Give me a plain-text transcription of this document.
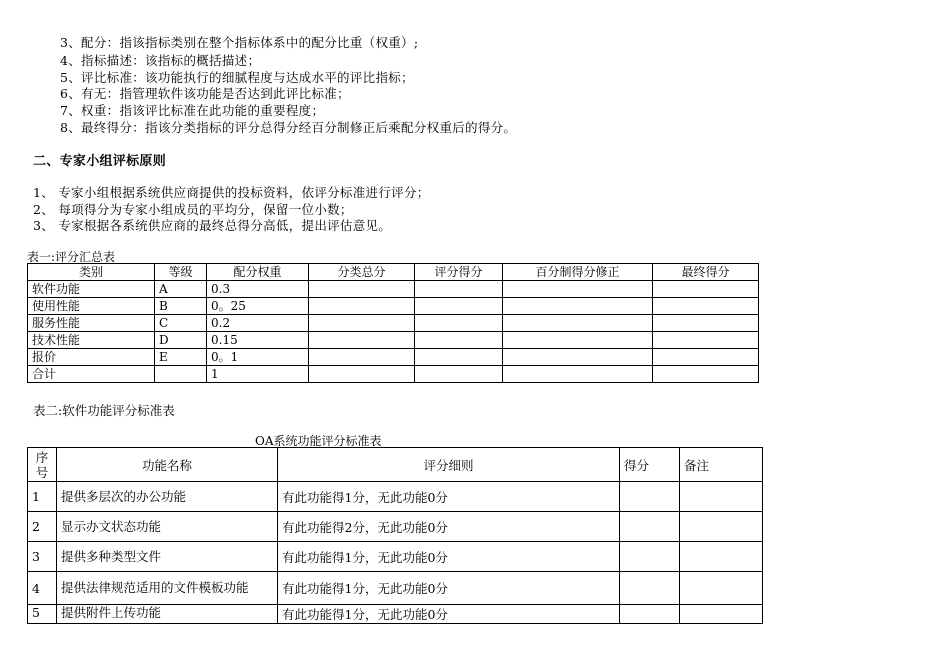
3、配分：指该指标类别在整个指标体系中的配分比重（权重）;
4、指标描述：该指标的概括描述；
5、评比标准：该功能执行的细腻程度与达成水平的评比指标；
6、有无：指管理软件该功能是否达到此评比标准；
7、权重：指该评比标准在此功能的重要程度；
8、最终得分：指该分类指标的评分总得分经百分制修正后乘配分权重后的得分。
二、专家小组评标原则
1、 专家小组根据系统供应商提供的投标资料，依评分标准进行评分；
2、 每项得分为专家小组成员的平均分，保留一位小数；
3、 专家根据各系统供应商的最终总得分高低，提出评估意见。
表一:评分汇总表
类别	等级	配分权重	分类总分	评分得分	百分制得分修正	最终得分
软件功能	A	0.3				
使用性能	B	0。25				
服务性能	C	0.2				
技术性能	D	0.15				
报价	E	0。1				
合计		1				
表二:软件功能评分标准表
OA系统功能评分标准表
序号	功能名称	评分细则	得分	备注
1	提供多层次的办公功能	有此功能得1分，无此功能0分		
2	显示办文状态功能	有此功能得2分，无此功能0分		
3	提供多种类型文件	有此功能得1分，无此功能0分		
4	提供法律规范适用的文件模板功能	有此功能得1分，无此功能0分		
5	提供附件上传功能	有此功能得1分，无此功能0分		
